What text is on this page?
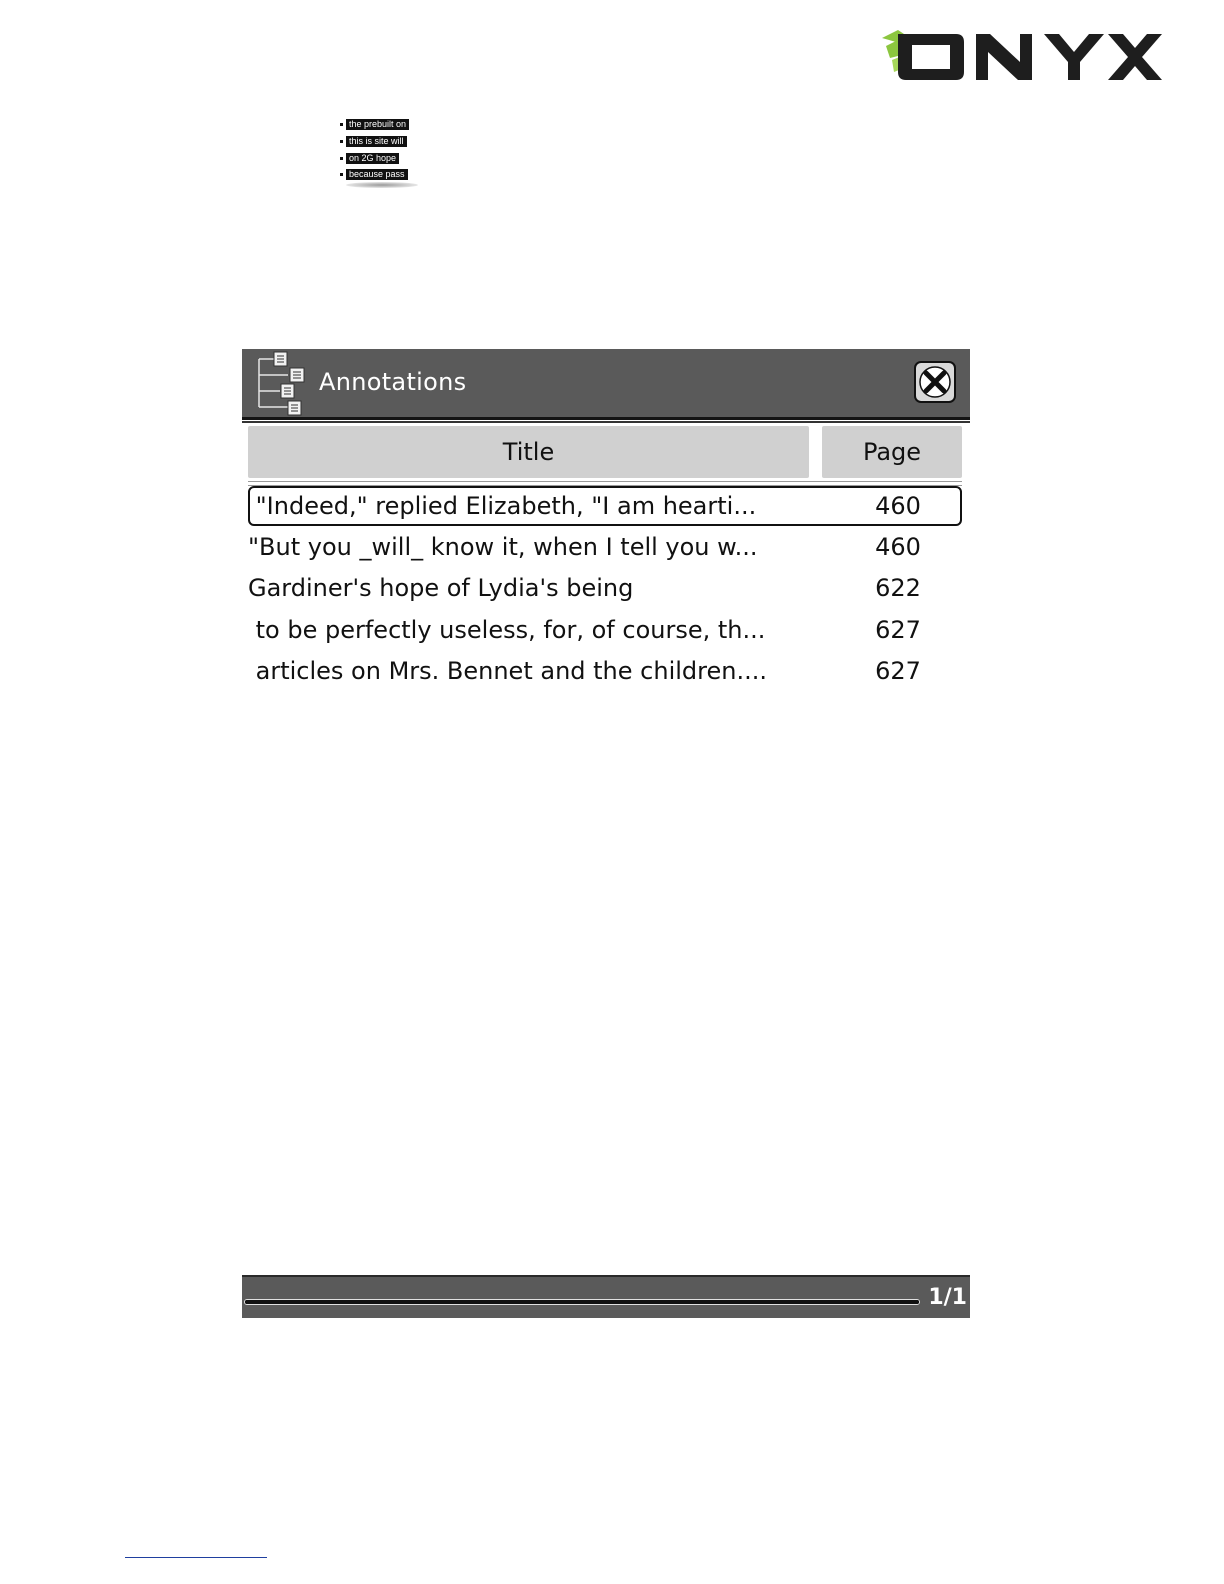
the prebuilt on
this is site will
on 2G hope
because pass
Annotations
Title	Page
"Indeed," replied Elizabeth, "I am hearti...	460
"But you _will_ know it, when I tell you w...	460
Gardiner's hope of Lydia's being	622
to be perfectly useless, for, of course, th...	627
articles on Mrs. Bennet and the children....	627
1/1
